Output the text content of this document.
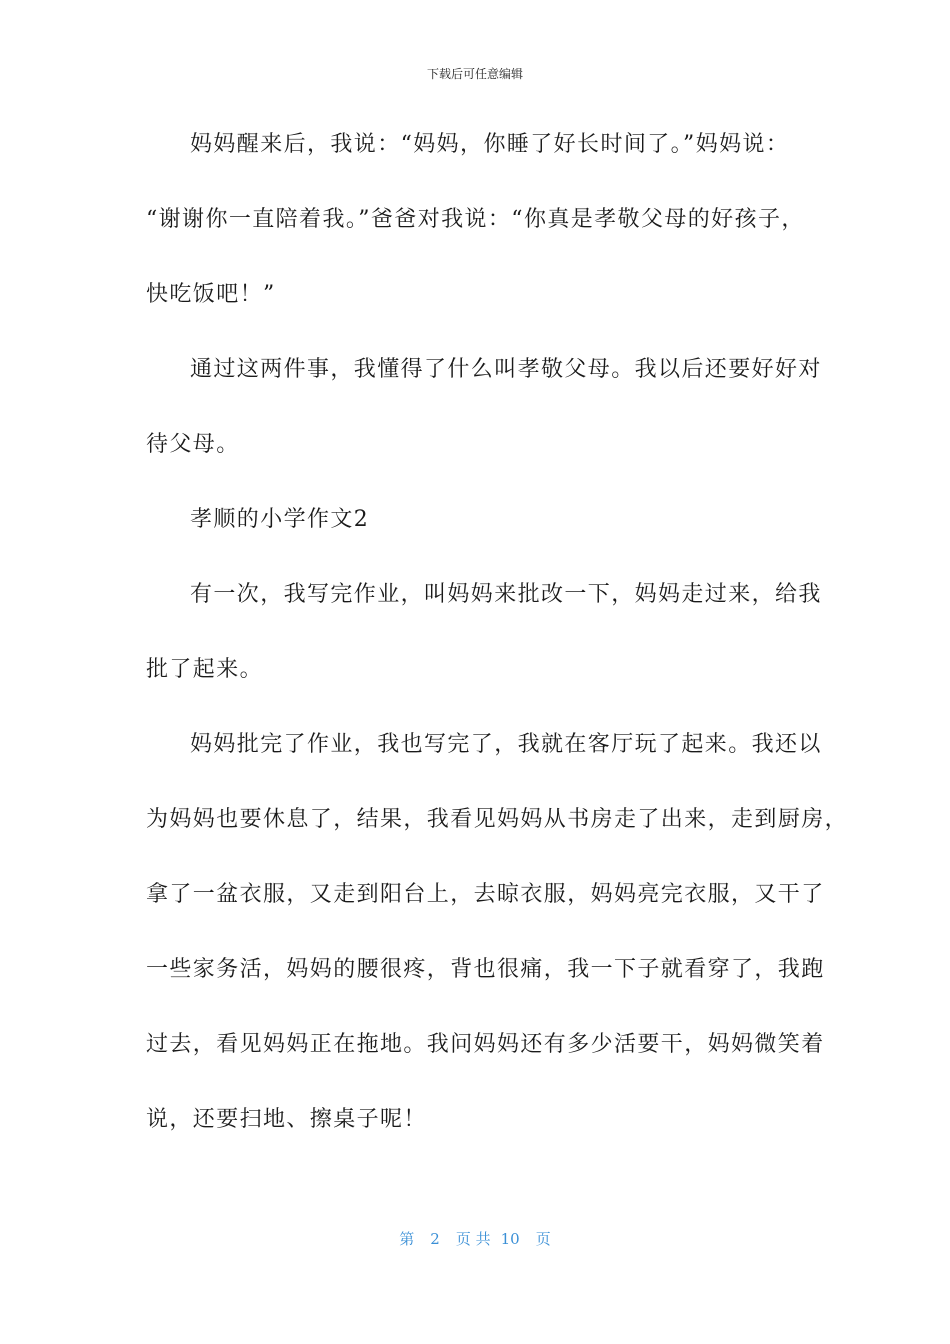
下载后可任意编辑
妈妈醒来后，我说：“妈妈，你睡了好长时间了。”妈妈说：
“谢谢你一直陪着我。”爸爸对我说：“你真是孝敬父母的好孩子，
快吃饭吧！”
通过这两件事，我懂得了什么叫孝敬父母。我以后还要好好对
待父母。
孝顺的小学作文2
有一次，我写完作业，叫妈妈来批改一下，妈妈走过来，给我
批了起来。
妈妈批完了作业，我也写完了，我就在客厅玩了起来。我还以
为妈妈也要休息了，结果，我看见妈妈从书房走了出来，走到厨房，
拿了一盆衣服，又走到阳台上，去晾衣服，妈妈亮完衣服，又干了
一些家务活，妈妈的腰很疼，背也很痛，我一下子就看穿了，我跑
过去，看见妈妈正在拖地。我问妈妈还有多少活要干，妈妈微笑着
说，还要扫地、擦桌子呢！
第 2 页 共 10 页
